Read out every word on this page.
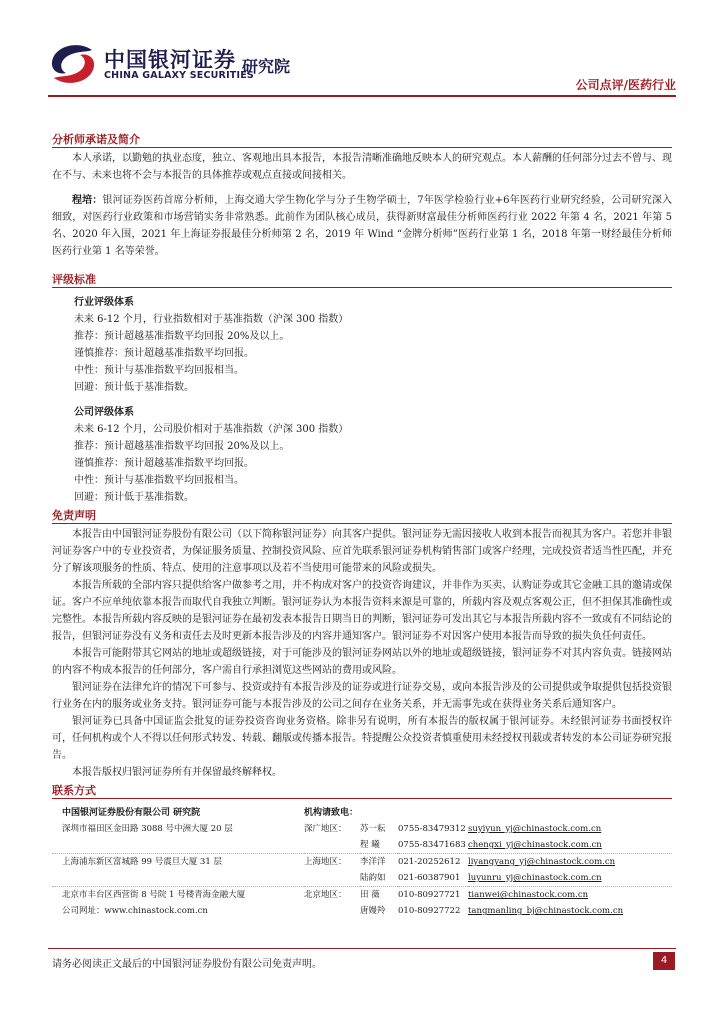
中国银河证券
CHINA GALAXY SECURITIES
研究院
公司点评/医药行业
分析师承诺及简介

本人承诺，以勤勉的执业态度，独立、客观地出具本报告，本报告清晰准确地反映本人的研究观点。本人薪酬的任何部分过去不曾与、现在不与、未来也将不会与本报告的具体推荐或观点直接或间接相关。

程培：银河证券医药首席分析师，上海交通大学生物化学与分子生物学硕士，7年医学检验行业+6年医药行业研究经验，公司研究深入细致，对医药行业政策和市场营销实务非常熟悉。此前作为团队核心成员，获得新财富最佳分析师医药行业 2022 年第 4 名，2021 年第 5 名、2020 年入围，2021 年上海证券报最佳分析师第 2 名，2019 年 Wind “金牌分析师”医药行业第 1 名，2018 年第一财经最佳分析师医药行业第 1 名等荣誉。

评级标准
行业评级体系
未来 6-12 个月，行业指数相对于基准指数（沪深 300 指数）
推荐：预计超越基准指数平均回报 20%及以上。
谨慎推荐：预计超越基准指数平均回报。
中性：预计与基准指数平均回报相当。
回避：预计低于基准指数。
公司评级体系
未来 6-12 个月，公司股价相对于基准指数（沪深 300 指数）
推荐：预计超越基准指数平均回报 20%及以上。
谨慎推荐：预计超越基准指数平均回报。
中性：预计与基准指数平均回报相当。
回避：预计低于基准指数。
免责声明

本报告由中国银河证券股份有限公司（以下简称银河证券）向其客户提供。银河证券无需因接收人收到本报告而视其为客户。若您并非银河证券客户中的专业投资者，为保证服务质量、控制投资风险、应首先联系银河证券机构销售部门或客户经理，完成投资者适当性匹配，并充分了解该项服务的性质、特点、使用的注意事项以及若不当使用可能带来的风险或损失。

本报告所载的全部内容只提供给客户做参考之用，并不构成对客户的投资咨询建议，并非作为买卖、认购证券或其它金融工具的邀请或保证。客户不应单纯依靠本报告而取代自我独立判断。银河证券认为本报告资料来源是可靠的，所载内容及观点客观公正，但不担保其准确性或完整性。本报告所载内容反映的是银河证券在最初发表本报告日期当日的判断，银河证券可发出其它与本报告所载内容不一致或有不同结论的报告，但银河证券没有义务和责任去及时更新本报告涉及的内容并通知客户。银河证券不对因客户使用本报告而导致的损失负任何责任。

本报告可能附带其它网站的地址或超级链接，对于可能涉及的银河证券网站以外的地址或超级链接，银河证券不对其内容负责。链接网站的内容不构成本报告的任何部分，客户需自行承担浏览这些网站的费用或风险。

银河证券在法律允许的情况下可参与、投资或持有本报告涉及的证券或进行证券交易，或向本报告涉及的公司提供或争取提供包括投资银行业务在内的服务或业务支持。银河证券可能与本报告涉及的公司之间存在业务关系，并无需事先或在获得业务关系后通知客户。

银河证券已具备中国证监会批复的证券投资咨询业务资格。除非另有说明，所有本报告的版权属于银河证券。未经银河证券书面授权许可，任何机构或个人不得以任何形式转发、转载、翻版或传播本报告。特提醒公众投资者慎重使用未经授权刊载或者转发的本公司证券研究报告。

本报告版权归银河证券所有并保留最终解释权。

联系方式
中国银河证券股份有限公司 研究院	机构请致电：			
深圳市福田区金田路 3088 号中洲大厦 20 层	深广地区：	苏一耘	0755-83479312	suyiyun_yj@chinastock.com.cn
		程 曦	0755-83471683	chengxi_yj@chinastock.com.cn
上海浦东新区富城路 99 号震旦大厦 31 层	上海地区：	李洋洋	021-20252612	liyangyang_yj@chinastock.com.cn
		陆韵如	021-60387901	luyunru_yj@chinastock.com.cn
北京市丰台区西营街 8 号院 1 号楼青海金融大厦	北京地区：	田 薇	010-80927721	tianwei@chinastock.com.cn
公司网址：www.chinastock.com.cn		唐嫚羚	010-80927722	tangmanling_bj@chinastock.com.cn
请务必阅读正文最后的中国银河证券股份有限公司免责声明。	4
